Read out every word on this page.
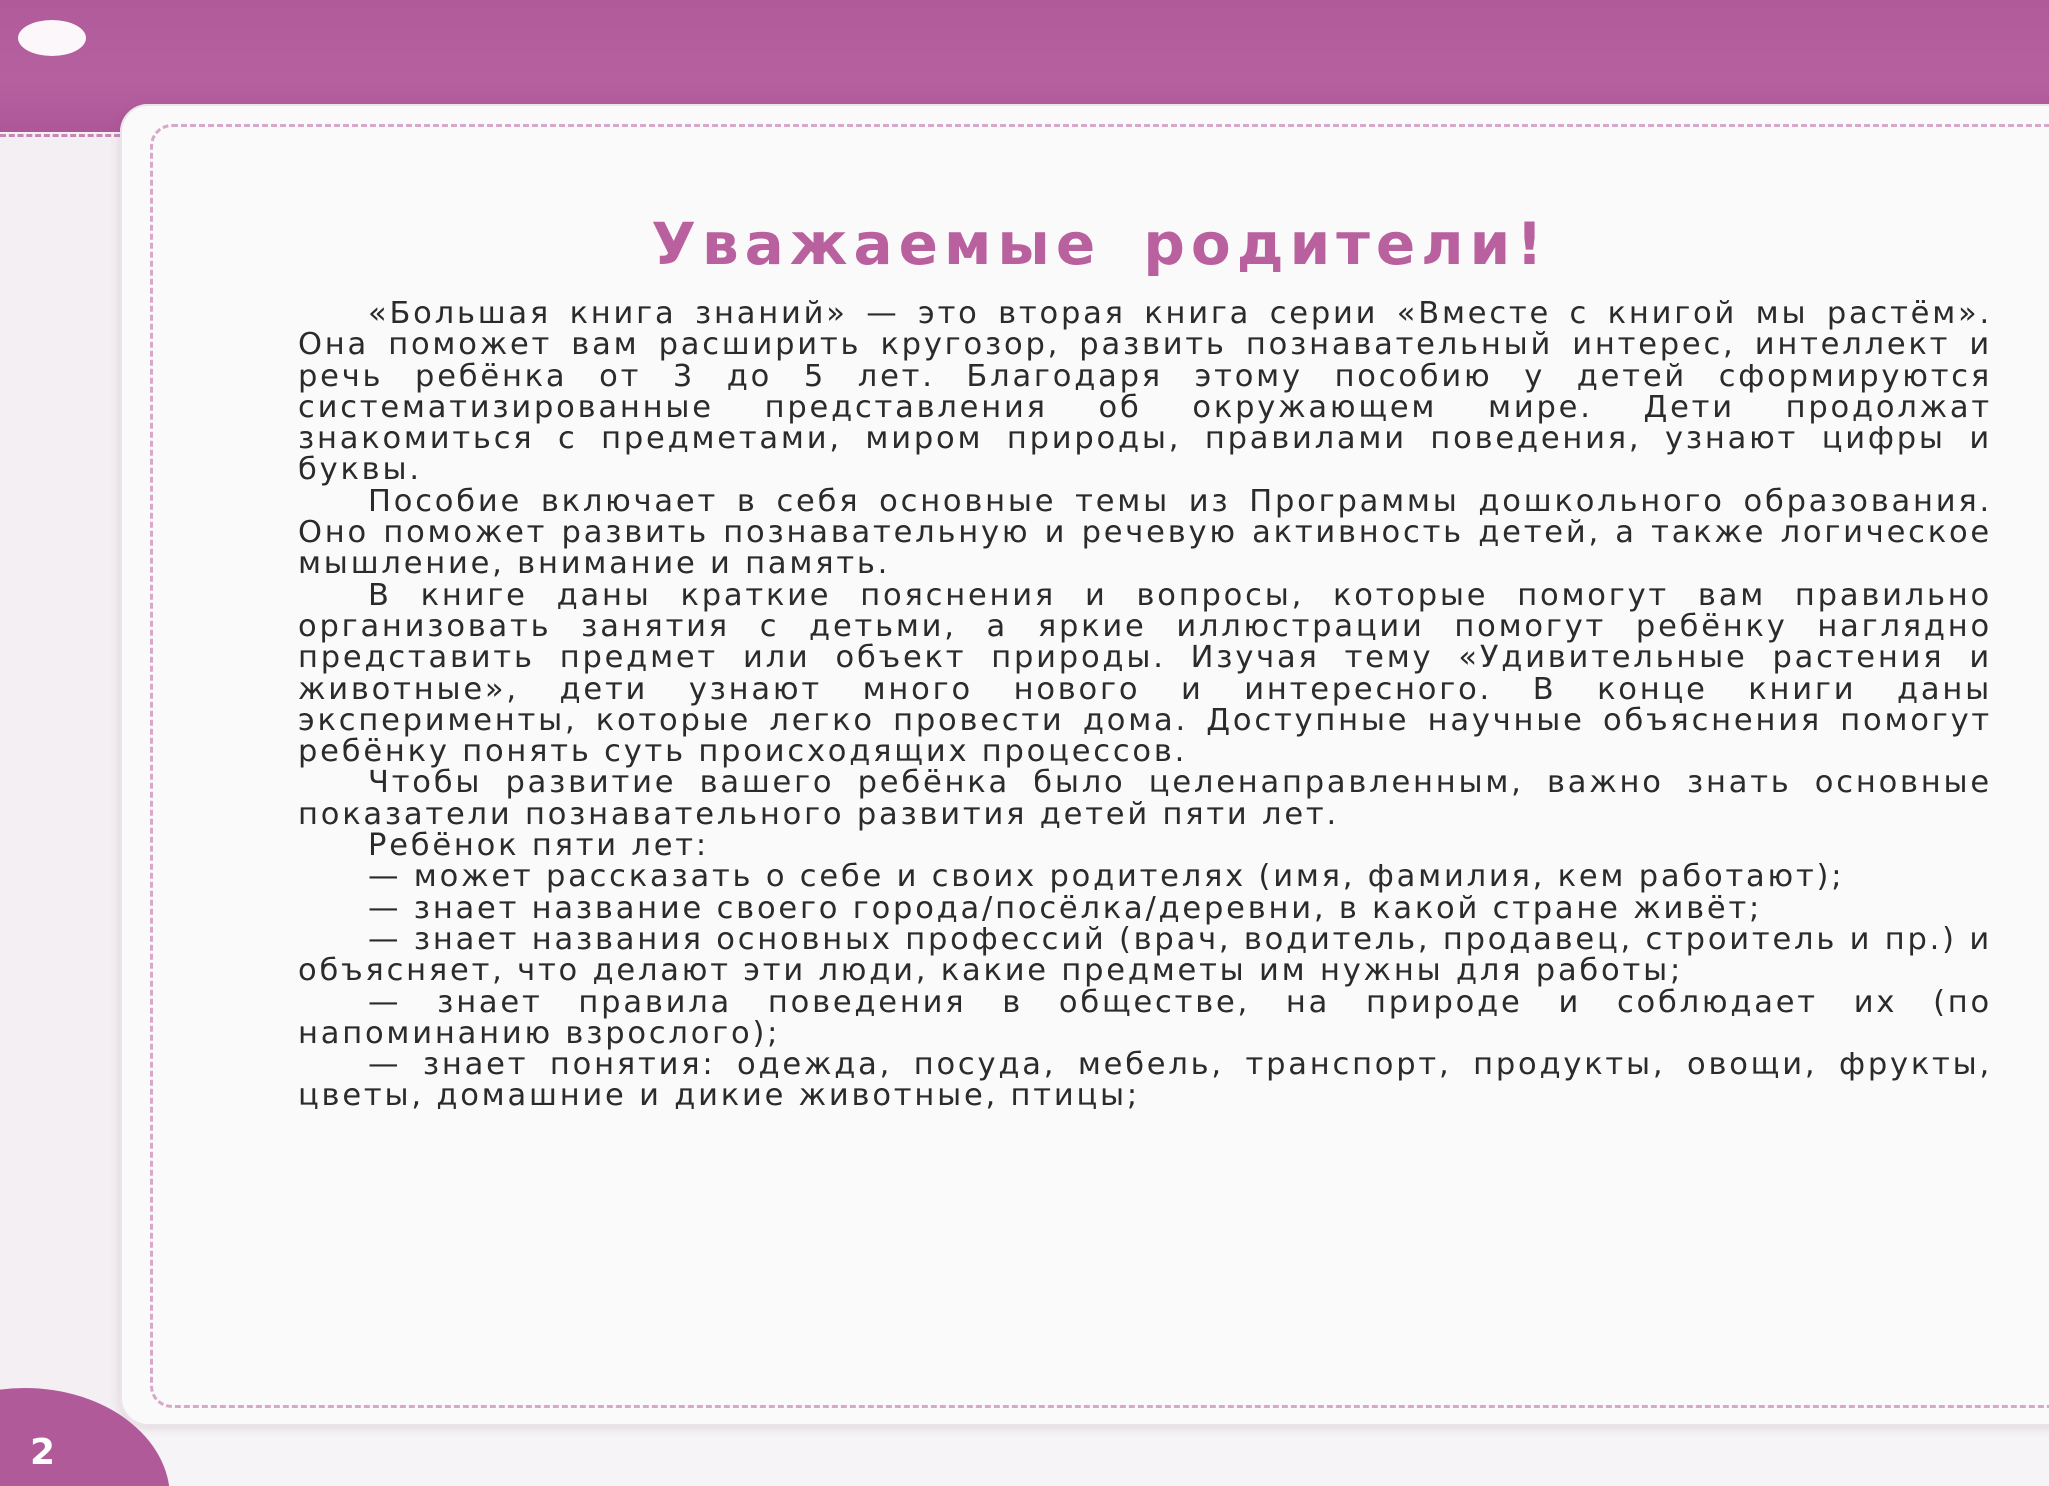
Уважаемые родители!

«Большая книга знаний» — это вторая книга серии «Вместе с книгой мы растём». Она поможет вам расширить кругозор, развить познавательный интерес, интеллект и речь ребёнка от 3 до 5 лет. Благодаря этому пособию у детей сформируются систематизированные представления об окружающем мире. Дети продолжат знакомиться с предметами, миром природы, правилами поведения, узнают цифры и буквы.

Пособие включает в себя основные темы из Программы дошкольного образования. Оно поможет развить познавательную и речевую активность детей, а также логическое мышление, внимание и память.

В книге даны краткие пояснения и вопросы, которые помогут вам правильно организовать занятия с детьми, а яркие иллюстрации помогут ребёнку наглядно представить предмет или объект природы. Изучая тему «Удивительные растения и животные», дети узнают много нового и интересного. В конце книги даны эксперименты, которые легко провести дома. Доступные научные объяснения помогут ребёнку понять суть происходящих процессов.

Чтобы развитие вашего ребёнка было целенаправленным, важно знать основные показатели познавательного развития детей пяти лет.

Ребёнок пяти лет:

— может рассказать о себе и своих родителях (имя, фамилия, кем работают);

— знает название своего города/посёлка/деревни, в какой стране живёт;

— знает названия основных профессий (врач, водитель, продавец, строитель и пр.) и объясняет, что делают эти люди, какие предметы им нужны для работы;

— знает правила поведения в обществе, на природе и соблюдает их (по напоминанию взрослого);

— знает понятия: одежда, посуда, мебель, транспорт, продукты, овощи, фрукты, цветы, домашние и дикие животные, птицы;

2
